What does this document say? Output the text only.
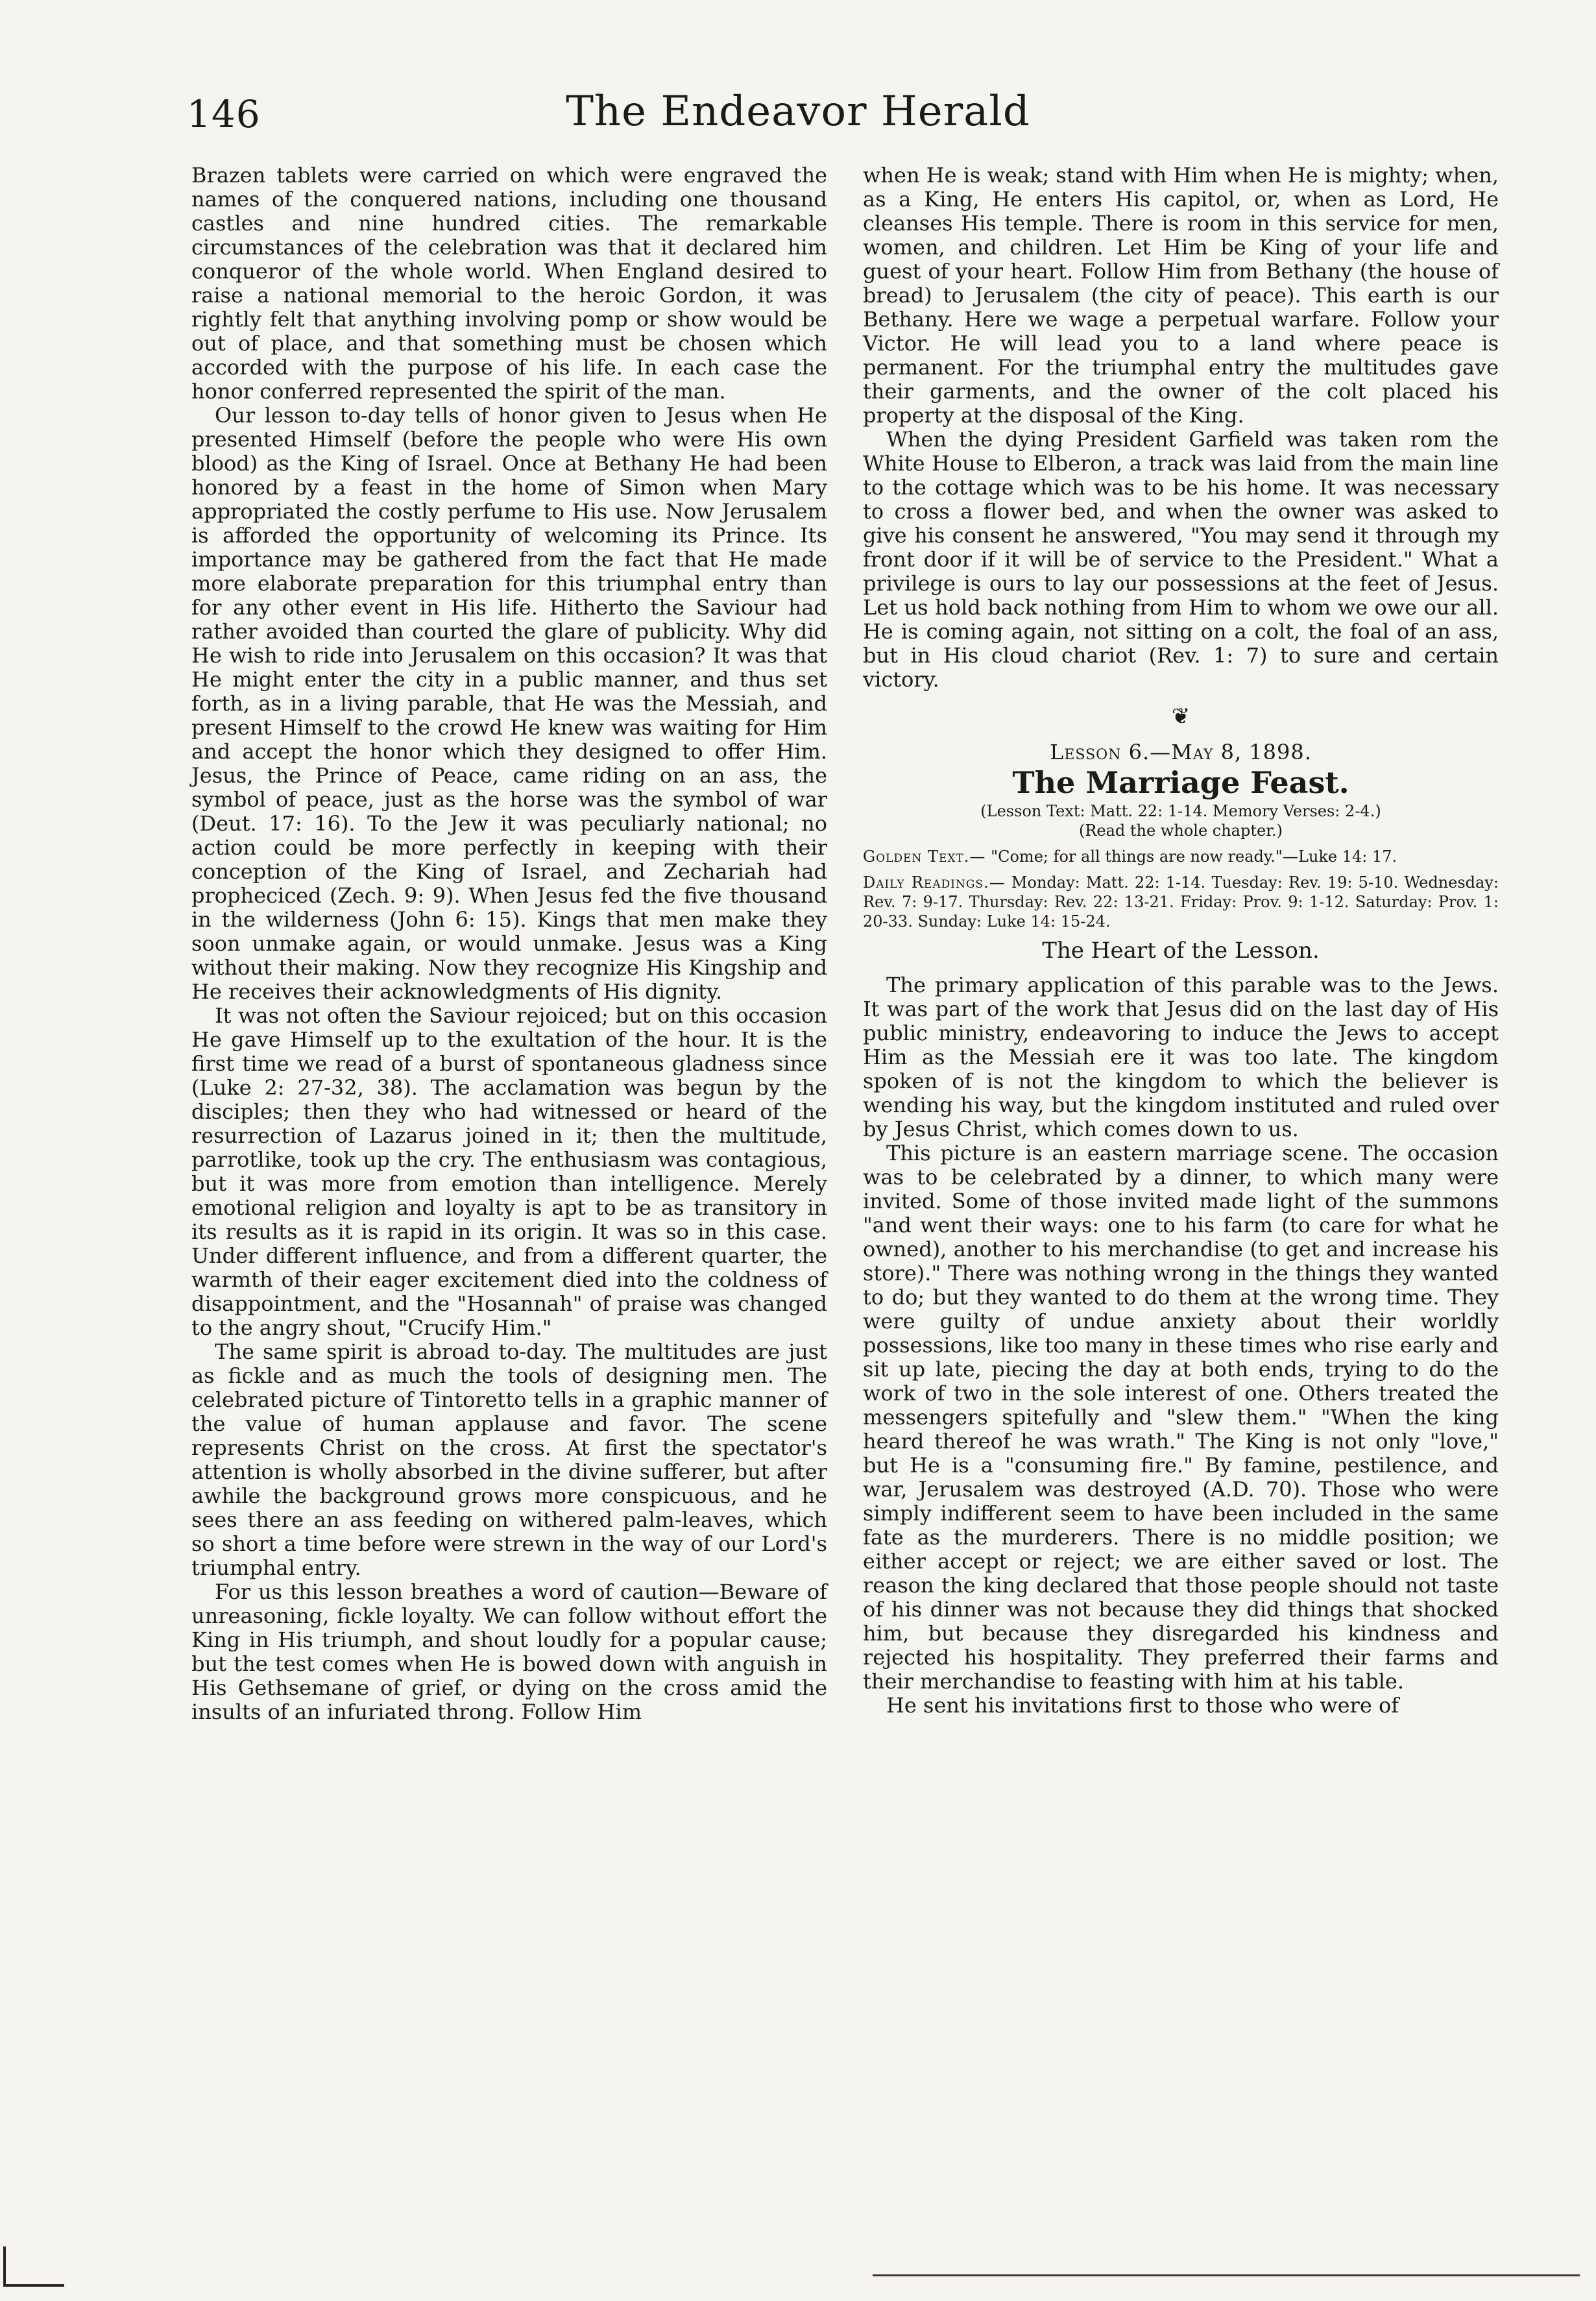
146	The Endeavor Herald

Brazen tablets were carried on which were engraved the names of the conquered nations, including one thousand castles and nine hundred cities. The remarkable circumstances of the celebration was that it declared him conqueror of the whole world. When England desired to raise a national memorial to the heroic Gordon, it was rightly felt that anything involving pomp or show would be out of place, and that something must be chosen which accorded with the purpose of his life. In each case the honor conferred represented the spirit of the man.

Our lesson to-day tells of honor given to Jesus when He presented Himself (before the people who were His own blood) as the King of Israel. Once at Bethany He had been honored by a feast in the home of Simon when Mary appropriated the costly perfume to His use. Now Jerusalem is afforded the opportunity of welcoming its Prince. Its importance may be gathered from the fact that He made more elaborate preparation for this triumphal entry than for any other event in His life. Hitherto the Saviour had rather avoided than courted the glare of publicity. Why did He wish to ride into Jerusalem on this occasion? It was that He might enter the city in a public manner, and thus set forth, as in a living parable, that He was the Messiah, and present Himself to the crowd He knew was waiting for Him and accept the honor which they designed to offer Him. Jesus, the Prince of Peace, came riding on an ass, the symbol of peace, just as the horse was the symbol of war (Deut. 17: 16). To the Jew it was peculiarly national; no action could be more perfectly in keeping with their conception of the King of Israel, and Zechariah had propheciced (Zech. 9: 9). When Jesus fed the five thousand in the wilderness (John 6: 15). Kings that men make they soon unmake again, or would unmake. Jesus was a King without their making. Now they recognize His Kingship and He receives their acknowledgments of His dignity.

It was not often the Saviour rejoiced; but on this occasion He gave Himself up to the exultation of the hour. It is the first time we read of a burst of spontaneous gladness since (Luke 2: 27-32, 38). The acclamation was begun by the disciples; then they who had witnessed or heard of the resurrection of Lazarus joined in it; then the multitude, parrotlike, took up the cry. The enthusiasm was contagious, but it was more from emotion than intelligence. Merely emotional religion and loyalty is apt to be as transitory in its results as it is rapid in its origin. It was so in this case. Under different influence, and from a different quarter, the warmth of their eager excitement died into the coldness of disappointment, and the "Hosannah" of praise was changed to the angry shout, "Crucify Him."

The same spirit is abroad to-day. The multitudes are just as fickle and as much the tools of designing men. The celebrated picture of Tintoretto tells in a graphic manner of the value of human applause and favor. The scene represents Christ on the cross. At first the spectator's attention is wholly absorbed in the divine sufferer, but after awhile the background grows more conspicuous, and he sees there an ass feeding on withered palm-leaves, which so short a time before were strewn in the way of our Lord's triumphal entry.

For us this lesson breathes a word of caution—Beware of unreasoning, fickle loyalty. We can follow without effort the King in His triumph, and shout loudly for a popular cause; but the test comes when He is bowed down with anguish in His Gethsemane of grief, or dying on the cross amid the insults of an infuriated throng. Follow Him

when He is weak; stand with Him when He is mighty; when, as a King, He enters His capitol, or, when as Lord, He cleanses His temple. There is room in this service for men, women, and children. Let Him be King of your life and guest of your heart. Follow Him from Bethany (the house of bread) to Jerusalem (the city of peace). This earth is our Bethany. Here we wage a perpetual warfare. Follow your Victor. He will lead you to a land where peace is permanent. For the triumphal entry the multitudes gave their garments, and the owner of the colt placed his property at the disposal of the King.

When the dying President Garfield was taken rom the White House to Elberon, a track was laid from the main line to the cottage which was to be his home. It was necessary to cross a flower bed, and when the owner was asked to give his consent he answered, "You may send it through my front door if it will be of service to the President." What a privilege is ours to lay our possessions at the feet of Jesus. Let us hold back nothing from Him to whom we owe our all. He is coming again, not sitting on a colt, the foal of an ass, but in His cloud chariot (Rev. 1: 7) to sure and certain victory.

❦
Lesson 6.—May 8, 1898.
The Marriage Feast.
(Lesson Text: Matt. 22: 1-14. Memory Verses: 2-4.)
(Read the whole chapter.)
Golden Text.— "Come; for all things are now ready."—Luke 14: 17.
Daily Readings.— Monday: Matt. 22: 1-14. Tuesday: Rev. 19: 5-10. Wednesday: Rev. 7: 9-17. Thursday: Rev. 22: 13-21. Friday: Prov. 9: 1-12. Saturday: Prov. 1: 20-33. Sunday: Luke 14: 15-24.
The Heart of the Lesson.

The primary application of this parable was to the Jews. It was part of the work that Jesus did on the last day of His public ministry, endeavoring to induce the Jews to accept Him as the Messiah ere it was too late. The kingdom spoken of is not the kingdom to which the believer is wending his way, but the kingdom instituted and ruled over by Jesus Christ, which comes down to us.

This picture is an eastern marriage scene. The occasion was to be celebrated by a dinner, to which many were invited. Some of those invited made light of the summons "and went their ways: one to his farm (to care for what he owned), another to his merchandise (to get and increase his store)." There was nothing wrong in the things they wanted to do; but they wanted to do them at the wrong time. They were guilty of undue anxiety about their worldly possessions, like too many in these times who rise early and sit up late, piecing the day at both ends, trying to do the work of two in the sole interest of one. Others treated the messengers spitefully and "slew them." "When the king heard thereof he was wrath." The King is not only "love," but He is a "consuming fire." By famine, pestilence, and war, Jerusalem was destroyed (A.D. 70). Those who were simply indifferent seem to have been included in the same fate as the murderers. There is no middle position; we either accept or reject; we are either saved or lost. The reason the king declared that those people should not taste of his dinner was not because they did things that shocked him, but because they disregarded his kindness and rejected his hospitality. They preferred their farms and their merchandise to feasting with him at his table.

He sent his invitations first to those who were of
